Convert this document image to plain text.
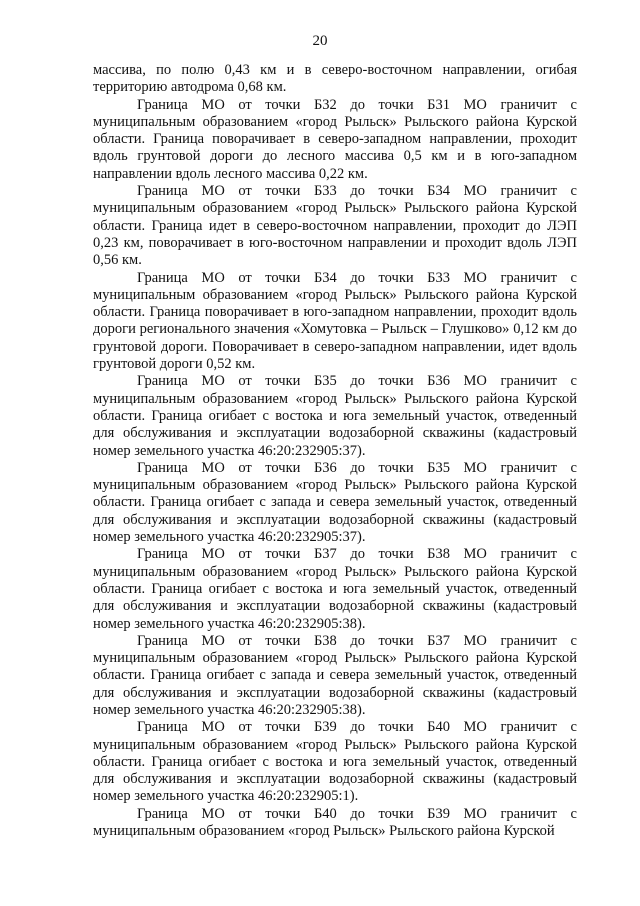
20

массива, по полю 0,43 км и в северо-восточном направлении, огибая территорию автодрома 0,68 км.

Граница МО от точки Б32 до точки Б31 МО граничит с муниципальным образованием «город Рыльск» Рыльского района Курской области. Граница поворачивает в северо-западном направлении, проходит вдоль грунтовой дороги до лесного массива 0,5 км и в юго-западном направлении вдоль лесного массива 0,22 км.

Граница МО от точки Б33 до точки Б34 МО граничит с муниципальным образованием «город Рыльск» Рыльского района Курской области. Граница идет в северо-восточном направлении, проходит до ЛЭП 0,23 км, поворачивает в юго-восточном направлении и проходит вдоль ЛЭП 0,56 км.

Граница МО от точки Б34 до точки Б33 МО граничит с муниципальным образованием «город Рыльск» Рыльского района Курской области. Граница поворачивает в юго-западном направлении, проходит вдоль дороги регионального значения «Хомутовка – Рыльск – Глушково» 0,12 км до грунтовой дороги. Поворачивает в северо-западном направлении, идет вдоль грунтовой дороги 0,52 км.

Граница МО от точки Б35 до точки Б36 МО граничит с муниципальным образованием «город Рыльск» Рыльского района Курской области. Граница огибает с востока и юга земельный участок, отведенный для обслуживания и эксплуатации водозаборной скважины (кадастровый номер земельного участка 46:20:232905:37).

Граница МО от точки Б36 до точки Б35 МО граничит с муниципальным образованием «город Рыльск» Рыльского района Курской области. Граница огибает с запада и севера земельный участок, отведенный для обслуживания и эксплуатации водозаборной скважины (кадастровый номер земельного участка 46:20:232905:37).

Граница МО от точки Б37 до точки Б38 МО граничит с муниципальным образованием «город Рыльск» Рыльского района Курской области. Граница огибает с востока и юга земельный участок, отведенный для обслуживания и эксплуатации водозаборной скважины (кадастровый номер земельного участка 46:20:232905:38).

Граница МО от точки Б38 до точки Б37 МО граничит с муниципальным образованием «город Рыльск» Рыльского района Курской области. Граница огибает с запада и севера земельный участок, отведенный для обслуживания и эксплуатации водозаборной скважины (кадастровый номер земельного участка 46:20:232905:38).

Граница МО от точки Б39 до точки Б40 МО граничит с муниципальным образованием «город Рыльск» Рыльского района Курской области. Граница огибает с востока и юга земельный участок, отведенный для обслуживания и эксплуатации водозаборной скважины (кадастровый номер земельного участка 46:20:232905:1).

Граница МО от точки Б40 до точки Б39 МО граничит с муниципальным образованием «город Рыльск» Рыльского района Курской
